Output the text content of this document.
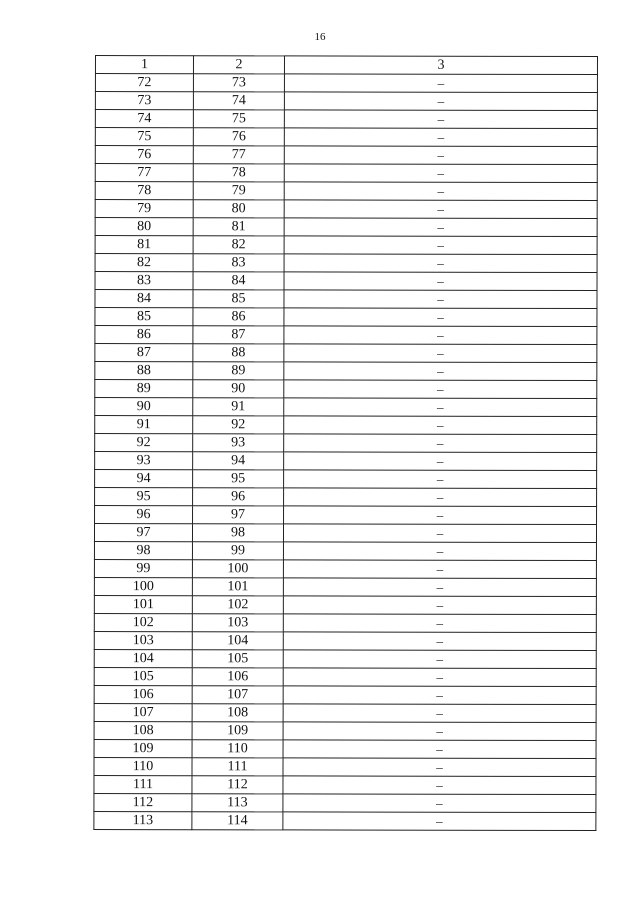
16
1	2	3
72	73	–
73	74	–
74	75	–
75	76	–
76	77	–
77	78	–
78	79	–
79	80	–
80	81	–
81	82	–
82	83	–
83	84	–
84	85	–
85	86	–
86	87	–
87	88	–
88	89	–
89	90	–
90	91	–
91	92	–
92	93	–
93	94	–
94	95	–
95	96	–
96	97	–
97	98	–
98	99	–
99	100	–
100	101	–
101	102	–
102	103	–
103	104	–
104	105	–
105	106	–
106	107	–
107	108	–
108	109	–
109	110	–
110	111	–
111	112	–
112	113	–
113	114	–
